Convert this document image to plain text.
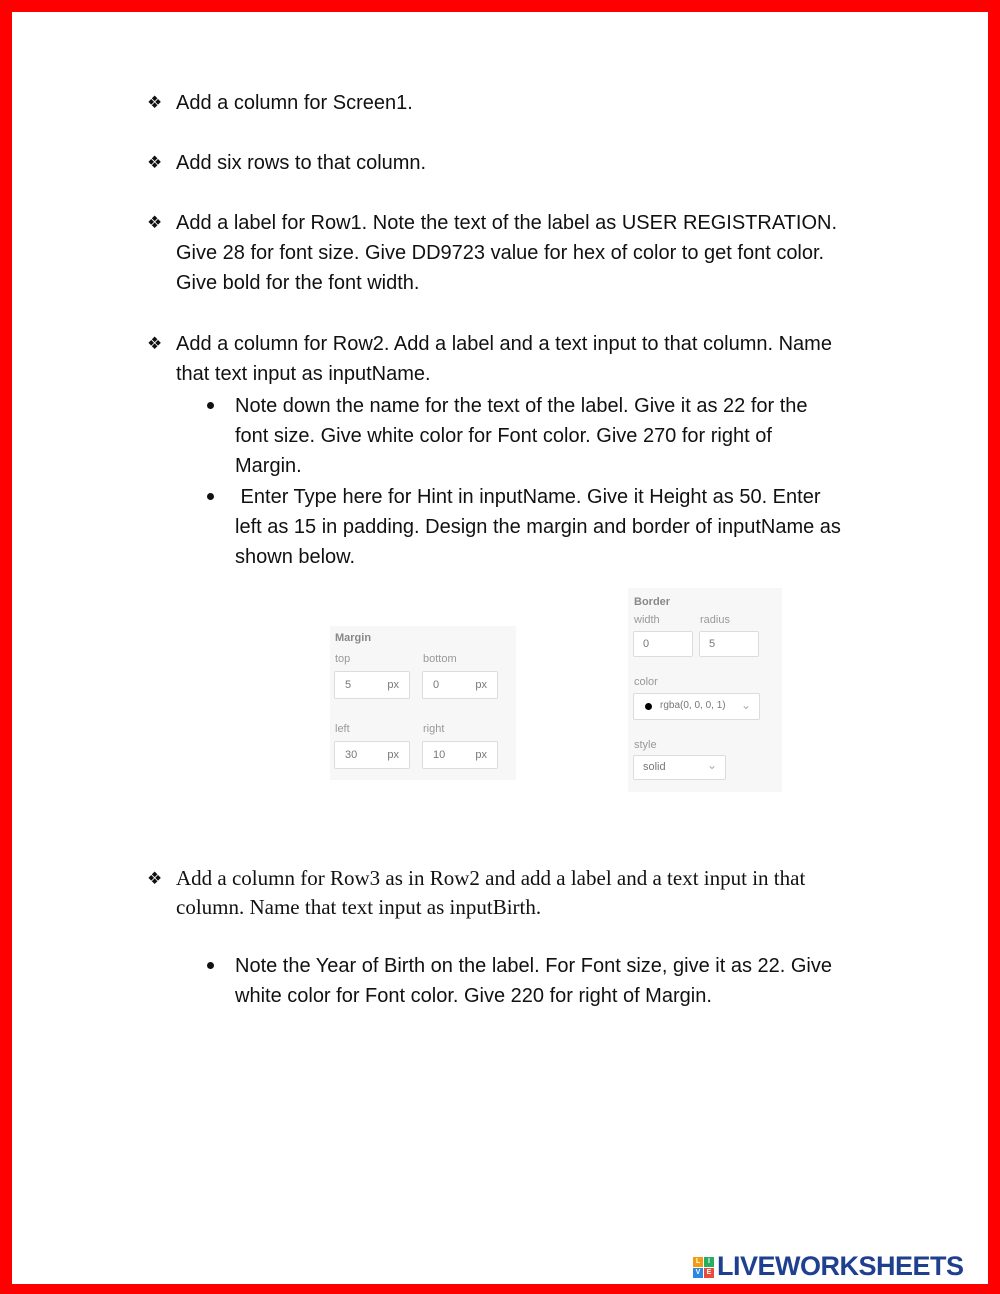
❖ Add a column for Screen1.
❖ Add six rows to that column.
❖ Add a label for Row1. Note the text of the label as USER REGISTRATION.
Give 28 for font size. Give DD9723 value for hex of color to get font color.
Give bold for the font width.
❖ Add a column for Row2. Add a label and a text input to that column. Name
that text input as inputName.
Note down the name for the text of the label. Give it as 22 for the
font size. Give white color for Font color. Give 270 for right of
Margin.
Enter Type here for Hint in inputName. Give it Height as 50. Enter
left as 15 in padding. Design the margin and border of inputName as
shown below.
Margin
top	bottom
5	px	0	px
left	right
30	px	10	px
Border
width	radius
0	5
color
rgba(0, 0, 0, 1) ⌄
style
solid	⌄
❖ Add a column for Row3 as in Row2 and add a label and a text input in that
column. Name that text input as inputBirth.
Note the Year of Birth on the label. For Font size, give it as 22. Give
white color for Font color. Give 220 for right of Margin.
L	I
V E LIVEWORKSHEETS
